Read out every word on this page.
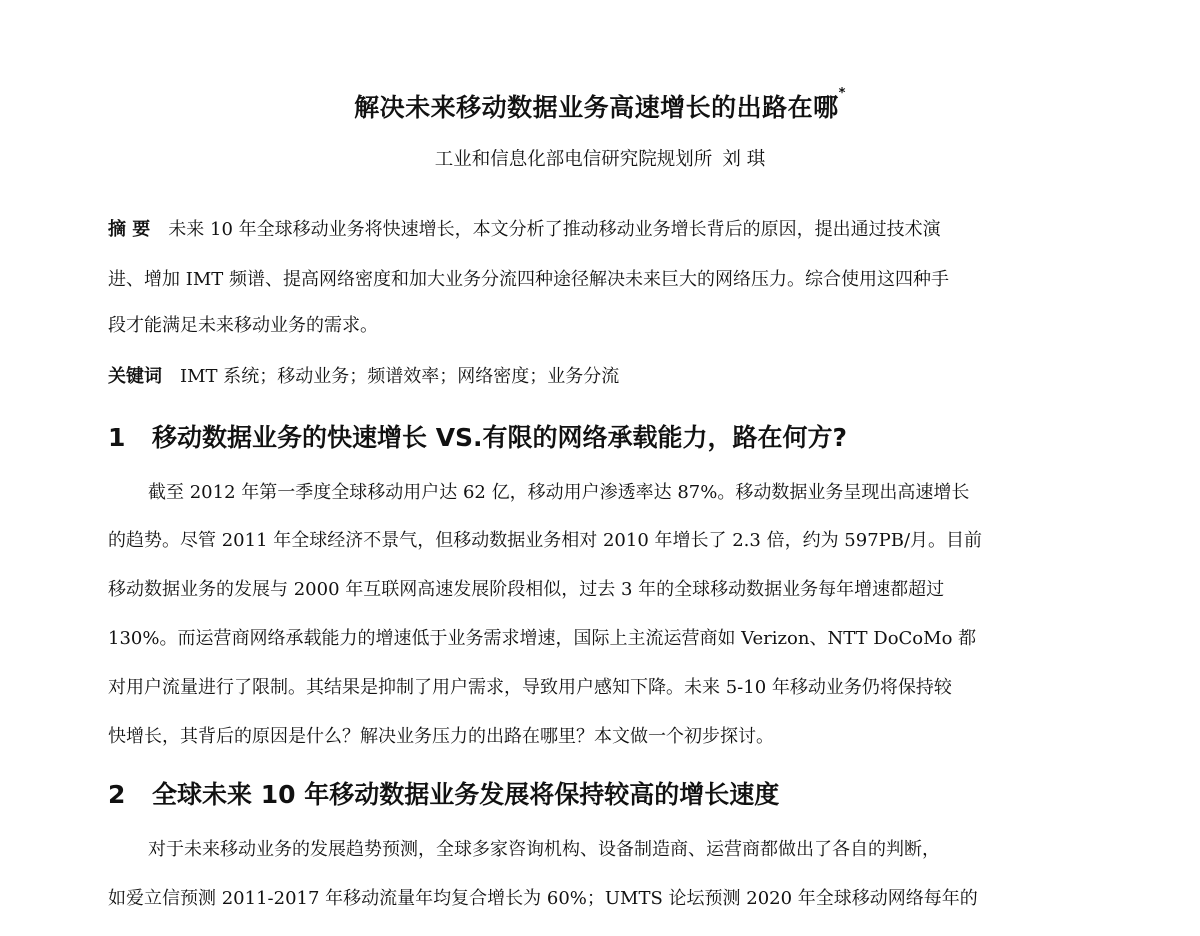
解决未来移动数据业务高速增长的出路在哪*
工业和信息化部电信研究院规划所 刘 琪
摘 要 未来 10 年全球移动业务将快速增长，本文分析了推动移动业务增长背后的原因，提出通过技术演
进、增加 IMT 频谱、提高网络密度和加大业务分流四种途径解决未来巨大的网络压力。综合使用这四种手
段才能满足未来移动业务的需求。
关键词 IMT 系统；移动业务；频谱效率；网络密度；业务分流
1 移动数据业务的快速增长 VS.有限的网络承载能力，路在何方?
截至 2012 年第一季度全球移动用户达 62 亿，移动用户渗透率达 87%。移动数据业务呈现出高速增长
的趋势。尽管 2011 年全球经济不景气，但移动数据业务相对 2010 年增长了 2.3 倍，约为 597PB/月。目前
移动数据业务的发展与 2000 年互联网高速发展阶段相似，过去 3 年的全球移动数据业务每年增速都超过
130%。而运营商网络承载能力的增速低于业务需求增速，国际上主流运营商如 Verizon、NTT DoCoMo 都
对用户流量进行了限制。其结果是抑制了用户需求，导致用户感知下降。未来 5-10 年移动业务仍将保持较
快增长，其背后的原因是什么？解决业务压力的出路在哪里？本文做一个初步探讨。
2 全球未来 10 年移动数据业务发展将保持较高的增长速度
对于未来移动业务的发展趋势预测，全球多家咨询机构、设备制造商、运营商都做出了各自的判断，
如爱立信预测 2011-2017 年移动流量年均复合增长为 60%；UMTS 论坛预测 2020 年全球移动网络每年的
